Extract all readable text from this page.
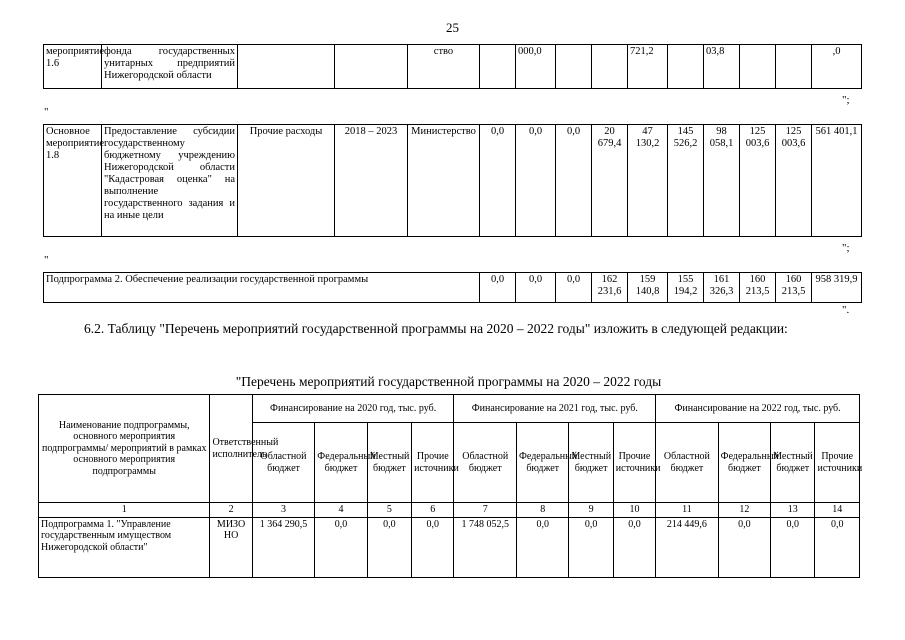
25
мероприятие 1.6	фонда государственных унитарных предприятий Нижегородской области			ство		000,0			721,2		03,8			,0
";
"
Основное мероприятие 1.8	Предоставление субсидии государственному бюджетному учреждению Нижегородской области "Кадастровая оценка" на выполнение государственного задания и на иные цели	Прочие расходы	2018 – 2023	Министерство	0,0	0,0	0,0	20 679,4	47 130,2	145 526,2	98 058,1	125 003,6	125 003,6	561 401,1
";
"
Подпрограмма 2. Обеспечение реализации государственной программы	0,0	0,0	0,0	162 231,6	159 140,8	155 194,2	161 326,3	160 213,5	160 213,5	958 319,9
".
6.2. Таблицу "Перечень мероприятий государственной программы на 2020 – 2022 годы" изложить в следующей редакции:
"Перечень мероприятий государственной программы на 2020 – 2022 годы
Наименование подпрограммы, основного мероприятия подпрограммы/ мероприятий в рамках основного мероприятия подпрограммы	Ответственный исполнитель	Финансирование на 2020 год, тыс. руб.				Финансирование на 2021 год, тыс. руб.				Финансирование на 2022 год, тыс. руб.			
		Областной бюджет	Федеральный бюджет	Местный бюджет	Прочие источники	Областной бюджет	Федеральный бюджет	Местный бюджет	Прочие источники	Областной бюджет	Федеральный бюджет	Местный бюджет	Прочие источники
1	2	3	4	5	6	7	8	9	10	11	12	13	14
Подпрограмма 1. "Управление государственным имуществом Нижегородской области"	МИЗО НО	1 364 290,5	0,0	0,0	0,0	1 748 052,5	0,0	0,0	0,0	214 449,6	0,0	0,0	0,0
